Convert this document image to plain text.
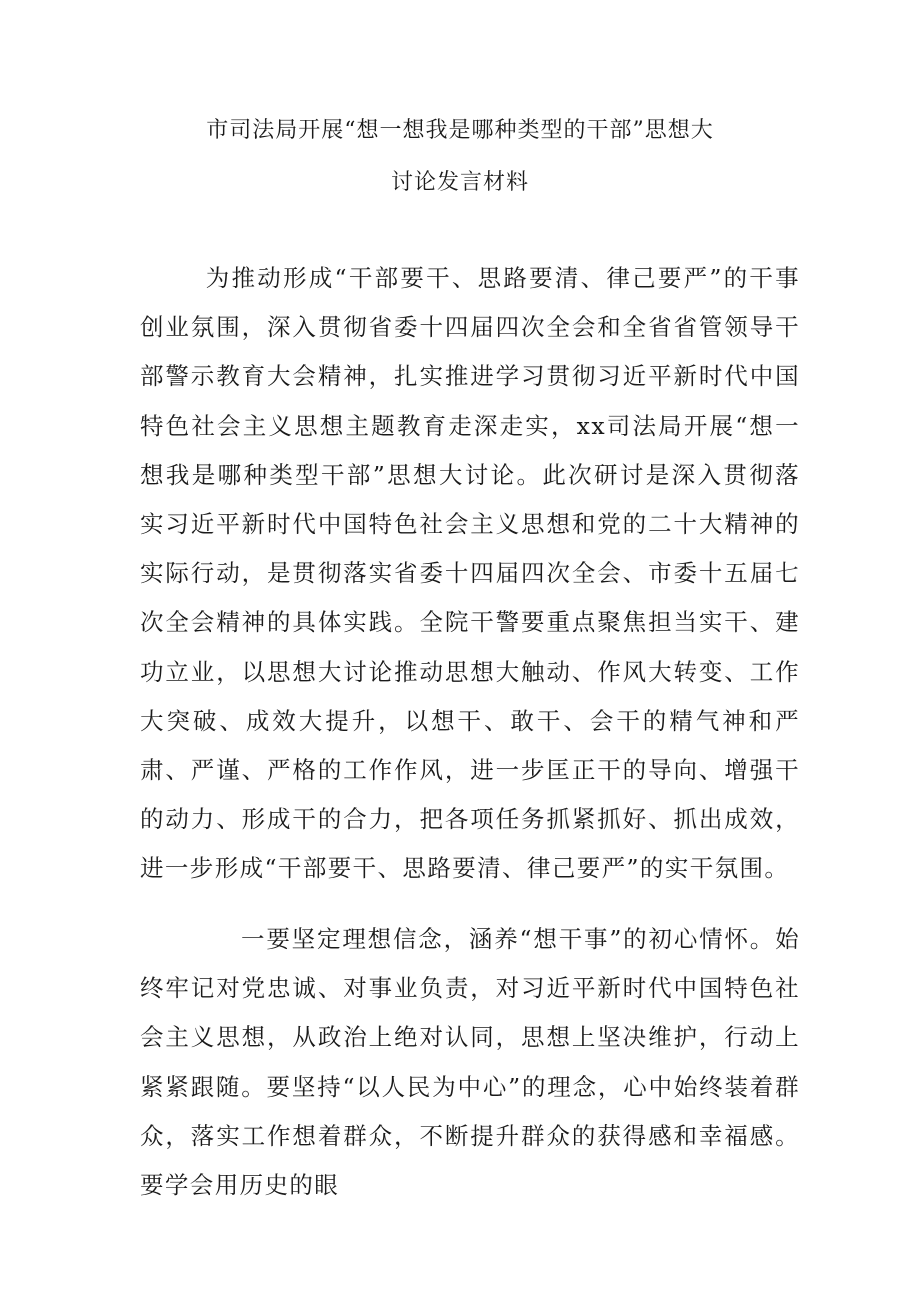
市司法局开展“想一想我是哪种类型的干部”思想大
讨论发言材料

为推动形成“干部要干、思路要清、律己要严”的干事创业氛围，深入贯彻省委十四届四次全会和全省省管领导干部警示教育大会精神，扎实推进学习贯彻习近平新时代中国特色社会主义思想主题教育走深走实，xx司法局开展“想一想我是哪种类型干部”思想大讨论。此次研讨是深入贯彻落实习近平新时代中国特色社会主义思想和党的二十大精神的实际行动，是贯彻落实省委十四届四次全会、市委十五届七次全会精神的具体实践。全院干警要重点聚焦担当实干、建功立业，以思想大讨论推动思想大触动、作风大转变、工作大突破、成效大提升，以想干、敢干、会干的精气神和严肃、严谨、严格的工作作风，进一步匡正干的导向、增强干的动力、形成干的合力，把各项任务抓紧抓好、抓出成效，进一步形成“干部要干、思路要清、律己要严”的实干氛围。

一要坚定理想信念，涵养“想干事”的初心情怀。始终牢记对党忠诚、对事业负责，对习近平新时代中国特色社会主义思想，从政治上绝对认同，思想上坚决维护，行动上紧紧跟随。要坚持“以人民为中心”的理念，心中始终装着群众，落实工作想着群众，不断提升群众的获得感和幸福感。要学会用历史的眼
